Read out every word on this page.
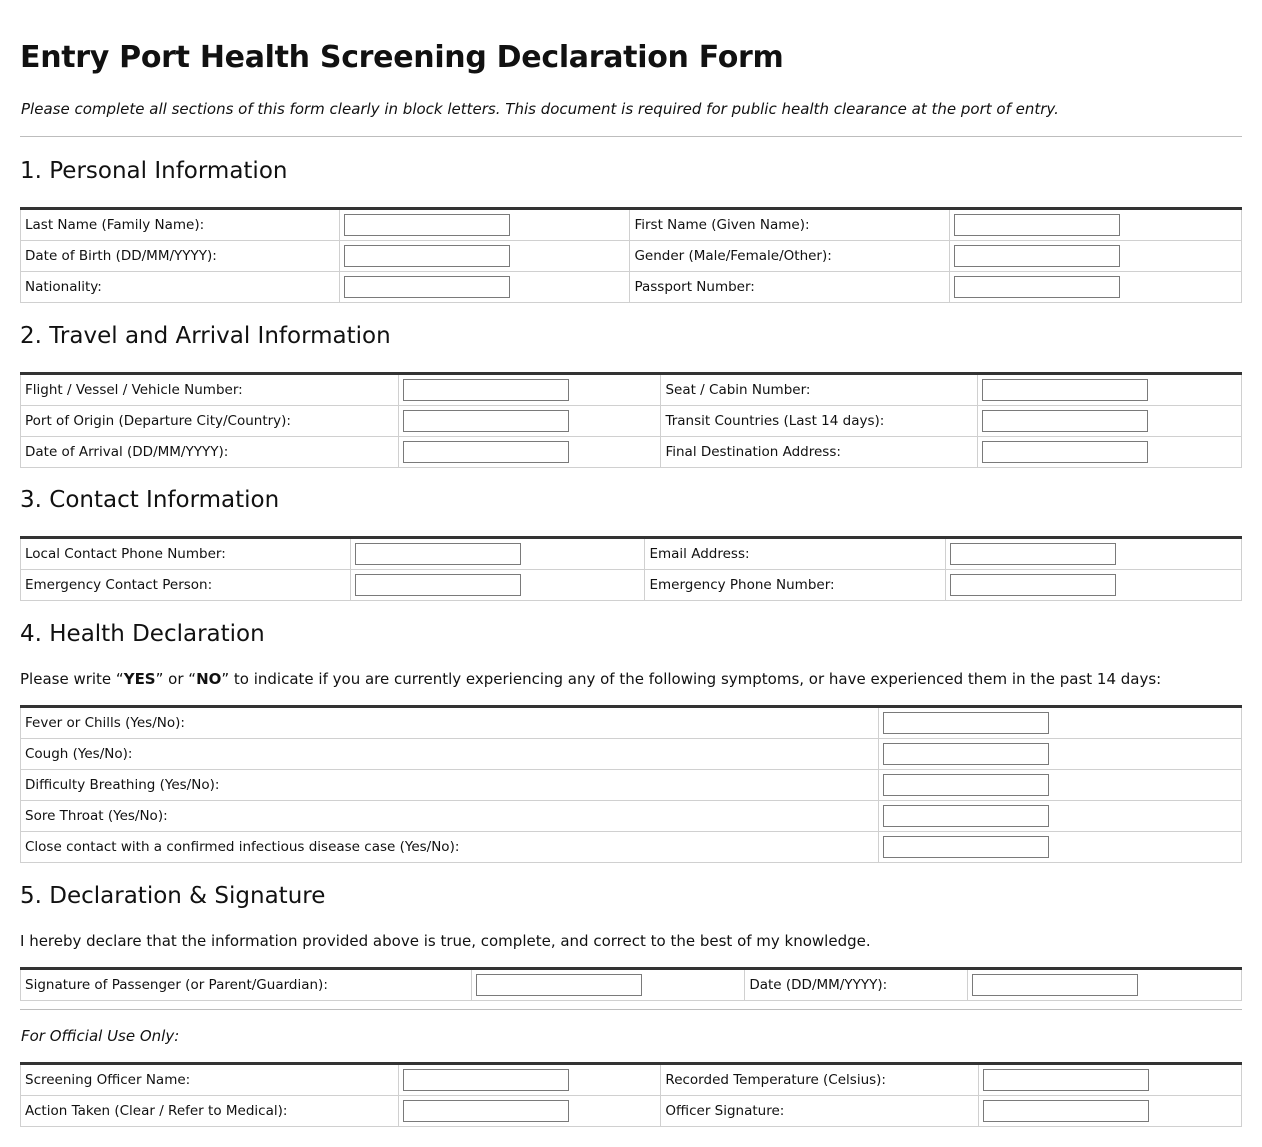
Entry Port Health Screening Declaration Form

Please complete all sections of this form clearly in block letters. This document is required for public health clearance at the port of entry.

1. Personal Information
Last Name (Family Name):		First Name (Given Name):	

Date of Birth (DD/MM/YYYY):		Gender (Male/Female/Other):	

Nationality:		Passport Number:	
2. Travel and Arrival Information
Flight / Vessel / Vehicle Number:		Seat / Cabin Number:	

Port of Origin (Departure City/Country):		Transit Countries (Last 14 days):	

Date of Arrival (DD/MM/YYYY):		Final Destination Address:	
3. Contact Information
Local Contact Phone Number:		Email Address:	

Emergency Contact Person:		Emergency Phone Number:	
4. Health Declaration

Please write “YES” or “NO” to indicate if you are currently experiencing any of the following symptoms, or have experienced them in the past 14 days:

Fever or Chills (Yes/No):	

Cough (Yes/No):	

Difficulty Breathing (Yes/No):	

Sore Throat (Yes/No):	

Close contact with a confirmed infectious disease case (Yes/No):	
5. Declaration & Signature

I hereby declare that the information provided above is true, complete, and correct to the best of my knowledge.

Signature of Passenger (or Parent/Guardian):		Date (DD/MM/YYYY):	

For Official Use Only:

Screening Officer Name:		Recorded Temperature (Celsius):	

Action Taken (Clear / Refer to Medical):		Officer Signature:	
